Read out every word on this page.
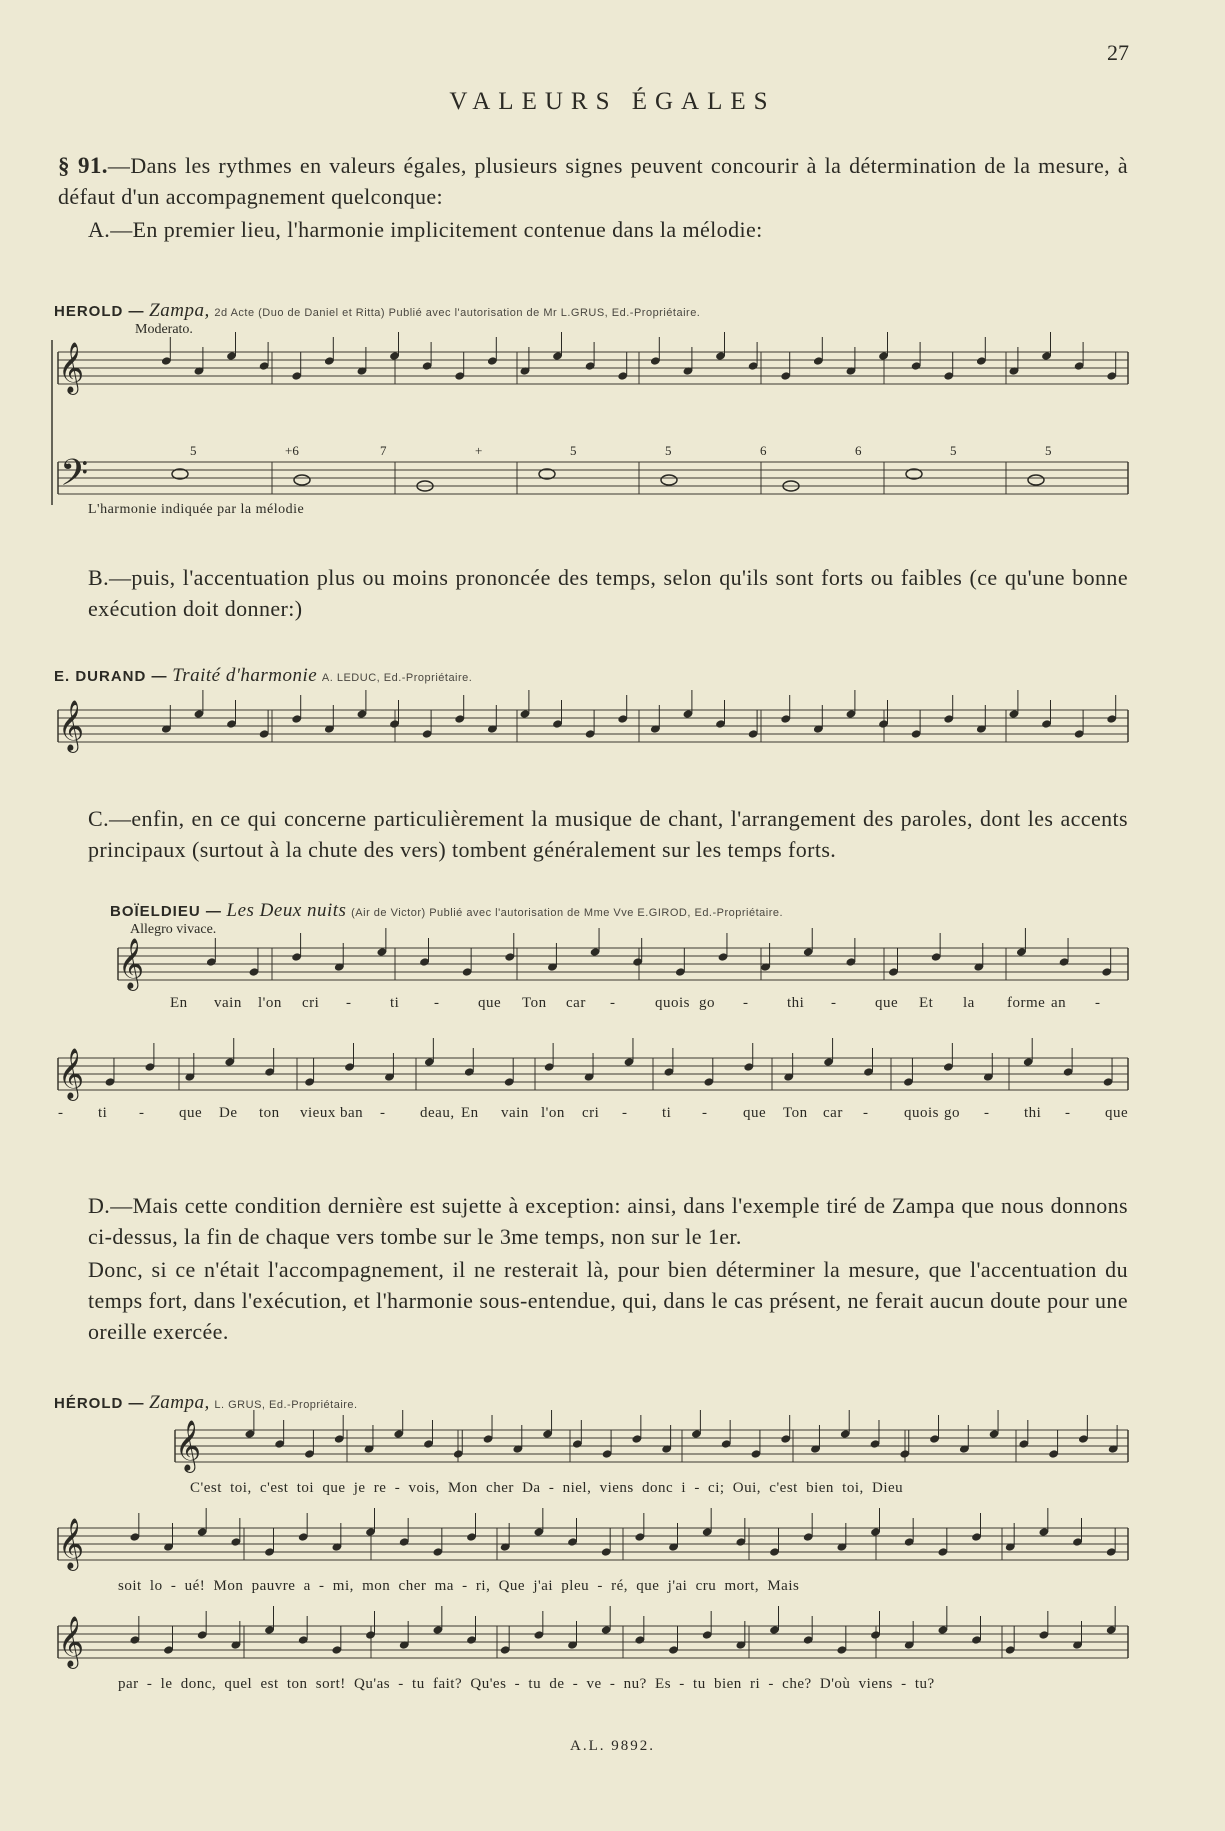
27
VALEURS ÉGALES
§ 91.—Dans les rythmes en valeurs égales, plusieurs signes peuvent concourir à la détermination de la mesure, à défaut d'un accompagnement quelconque:
A.—En premier lieu, l'harmonie implicitement contenue dans la mélodie:
HEROLD — Zampa, 2d Acte (Duo de Daniel et Ritta) Publié avec l'autorisation de Mr L.GRUS, Ed.-Propriétaire.
Moderato.
L'harmonie indiquée par la mélodie
B.—puis, l'accentuation plus ou moins prononcée des temps, selon qu'ils sont forts ou faibles (ce qu'une bonne exécution doit donner:)
E. DURAND — Traité d'harmonie A. LEDUC, Ed.-Propriétaire.
C.—enfin, en ce qui concerne particulièrement la musique de chant, l'arrangement des paroles, dont les accents principaux (surtout à la chute des vers) tombent généralement sur les temps forts.
BOÏELDIEU — Les Deux nuits (Air de Victor) Publié avec l'autorisation de Mme Vve E.GIROD, Ed.-Propriétaire.
Allegro vivace.
En vain l'on cri -	ti -	que Ton car -	quois go -	thi -	que Et la forme an -
- ti - que De ton vieux ban - deau, En vain l'on cri - ti - que Ton car - quois go - thi - que
D.—Mais cette condition dernière est sujette à exception: ainsi, dans l'exemple tiré de Zampa que nous donnons ci-dessus, la fin de chaque vers tombe sur le 3me temps, non sur le 1er.
Donc, si ce n'était l'accompagnement, il ne resterait là, pour bien déterminer la mesure, que l'accentuation du temps fort, dans l'exécution, et l'harmonie sous-entendue, qui, dans le cas présent, ne ferait aucun doute pour une oreille exercée.
HÉROLD — Zampa, L. GRUS, Ed.-Propriétaire.
C'est toi, c'est toi que je re - vois, Mon cher Da - niel, viens donc i - ci; Oui, c'est bien toi, Dieu
soit lo - ué! Mon pauvre a - mi, mon cher ma - ri, Que j'ai pleu - ré, que j'ai cru mort, Mais
par - le donc, quel est ton sort! Qu'as - tu fait? Qu'es - tu de - ve - nu? Es - tu bien ri - che? D'où viens - tu?
A.L. 9892.
𝄞
𝄢
5	+6	7	+	5	5	6	6	5	5
𝄞
𝄞
𝄞
𝄞
𝄞
𝄞
